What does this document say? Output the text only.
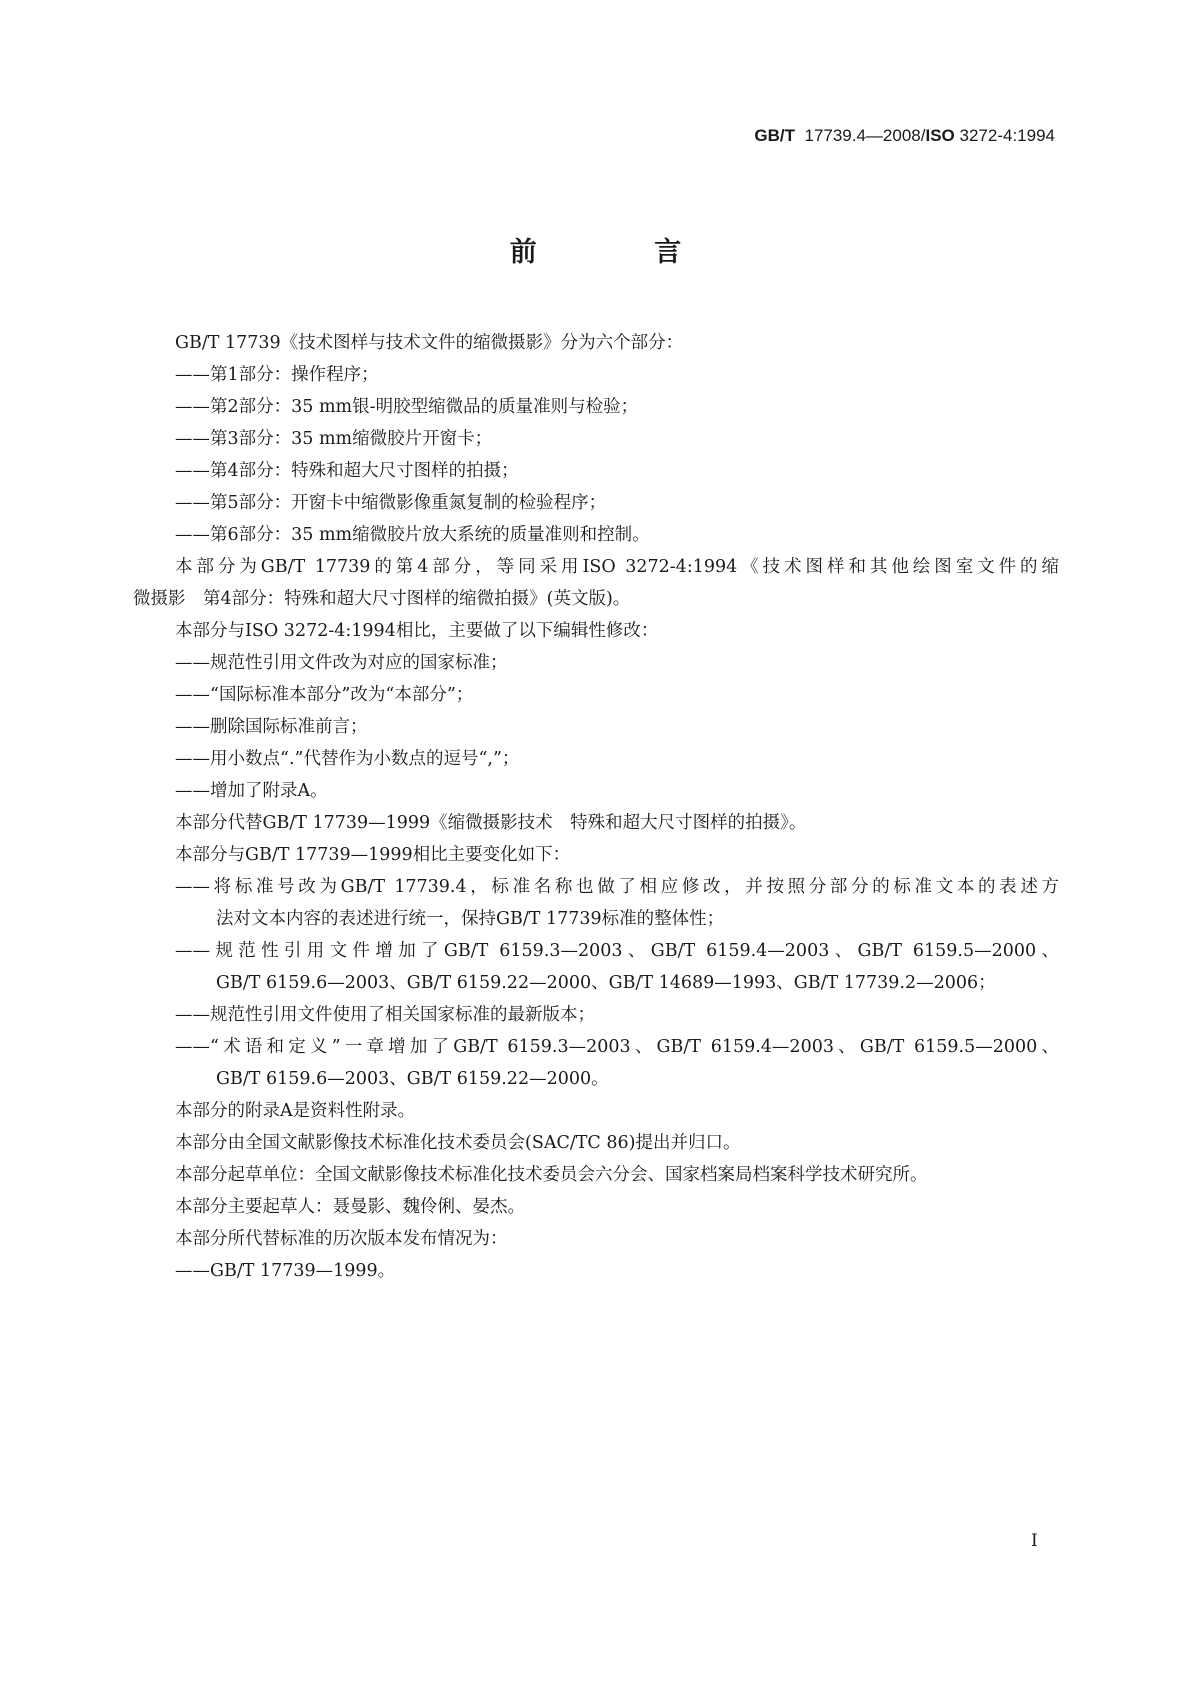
GB/T 17739.4—2008/ISO 3272-4:1994
前 言
GB/T 17739《技术图样与技术文件的缩微摄影》分为六个部分：
——第1部分：操作程序；
——第2部分：35 mm银-明胶型缩微品的质量准则与检验；
——第3部分：35 mm缩微胶片开窗卡；
——第4部分：特殊和超大尺寸图样的拍摄；
——第5部分：开窗卡中缩微影像重氮复制的检验程序；
——第6部分：35 mm缩微胶片放大系统的质量准则和控制。
本部分为GB/T 17739的第4部分，等同采用ISO 3272-4:1994《技术图样和其他绘图室文件的缩
微摄影　第4部分：特殊和超大尺寸图样的缩微拍摄》(英文版)。
本部分与ISO 3272-4:1994相比，主要做了以下编辑性修改：
——规范性引用文件改为对应的国家标准；
——“国际标准本部分”改为“本部分”；
——删除国际标准前言；
——用小数点“.”代替作为小数点的逗号“,”；
——增加了附录A。
本部分代替GB/T 17739—1999《缩微摄影技术　特殊和超大尺寸图样的拍摄》。
本部分与GB/T 17739—1999相比主要变化如下：
——将标准号改为GB/T 17739.4，标准名称也做了相应修改，并按照分部分的标准文本的表述方
法对文本内容的表述进行统一，保持GB/T 17739标准的整体性；
——规范性引用文件增加了GB/T 6159.3—2003、GB/T 6159.4—2003、GB/T 6159.5—2000、
GB/T 6159.6—2003、GB/T 6159.22—2000、GB/T 14689—1993、GB/T 17739.2—2006；
——规范性引用文件使用了相关国家标准的最新版本；
——“术语和定义”一章增加了GB/T 6159.3—2003、GB/T 6159.4—2003、GB/T 6159.5—2000、
GB/T 6159.6—2003、GB/T 6159.22—2000。
本部分的附录A是资料性附录。
本部分由全国文献影像技术标准化技术委员会(SAC/TC 86)提出并归口。
本部分起草单位：全国文献影像技术标准化技术委员会六分会、国家档案局档案科学技术研究所。
本部分主要起草人：聂曼影、魏伶俐、晏杰。
本部分所代替标准的历次版本发布情况为：
——GB/T 17739—1999。
I
